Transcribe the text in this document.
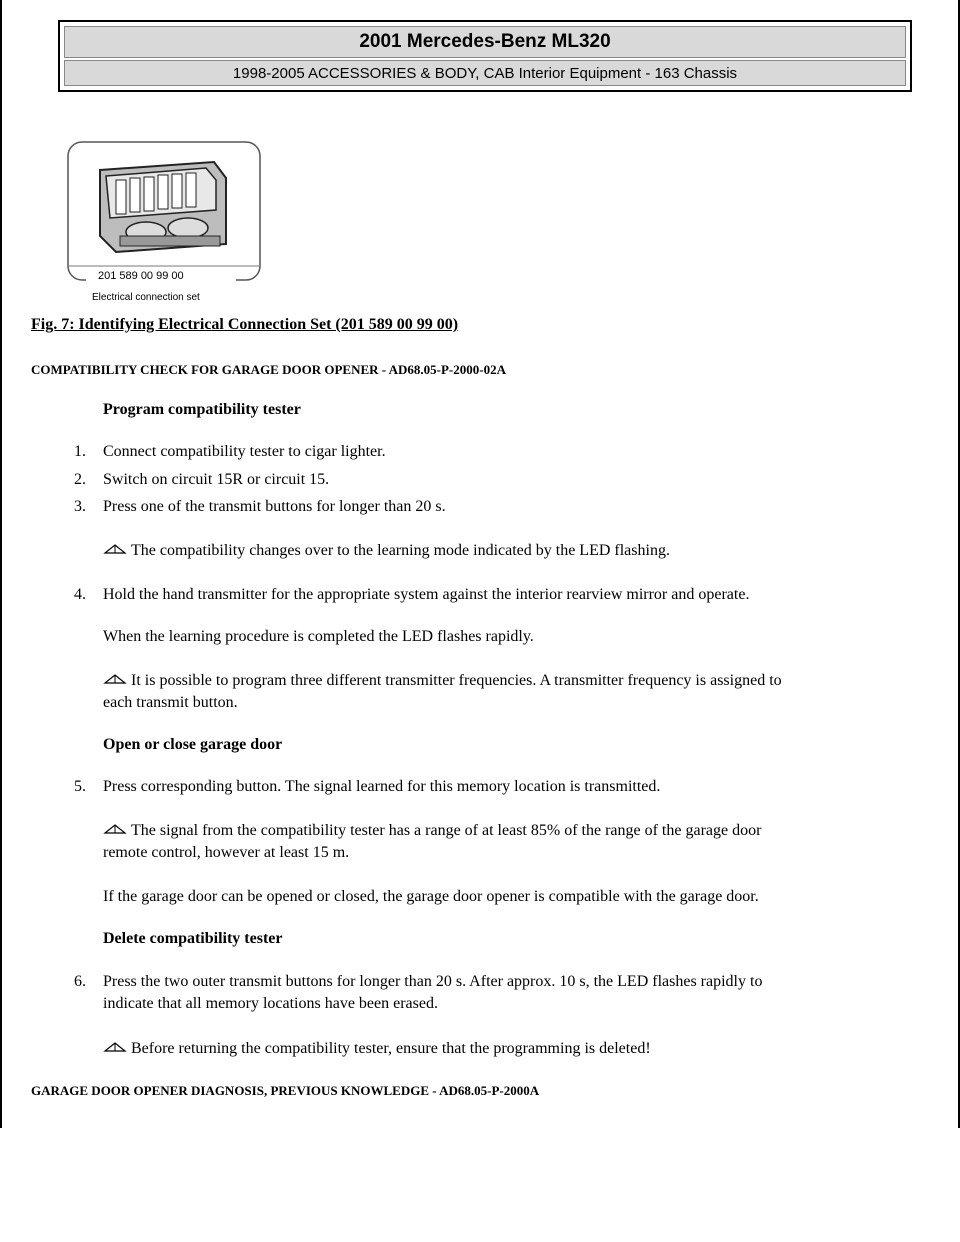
2001 Mercedes-Benz ML320
1998-2005 ACCESSORIES & BODY, CAB Interior Equipment - 163 Chassis
201 589 00 99 00
Electrical connection set

Fig. 7: Identifying Electrical Connection Set (201 589 00 99 00)

COMPATIBILITY CHECK FOR GARAGE DOOR OPENER - AD68.05-P-2000-02A

Program compatibility tester

1. Connect compatibility tester to cigar lighter.

2. Switch on circuit 15R or circuit 15.

3. Press one of the transmit buttons for longer than 20 s.

The compatibility changes over to the learning mode indicated by the LED flashing.

4. Hold the hand transmitter for the appropriate system against the interior rearview mirror and operate.

When the learning procedure is completed the LED flashes rapidly.

It is possible to program three different transmitter frequencies. A transmitter frequency is assigned to
each transmit button.

Open or close garage door

5. Press corresponding button. The signal learned for this memory location is transmitted.

The signal from the compatibility tester has a range of at least 85% of the range of the garage door
remote control, however at least 15 m.

If the garage door can be opened or closed, the garage door opener is compatible with the garage door.

Delete compatibility tester

6. Press the two outer transmit buttons for longer than 20 s. After approx. 10 s, the LED flashes rapidly to
indicate that all memory locations have been erased.

Before returning the compatibility tester, ensure that the programming is deleted!

GARAGE DOOR OPENER DIAGNOSIS, PREVIOUS KNOWLEDGE - AD68.05-P-2000A
